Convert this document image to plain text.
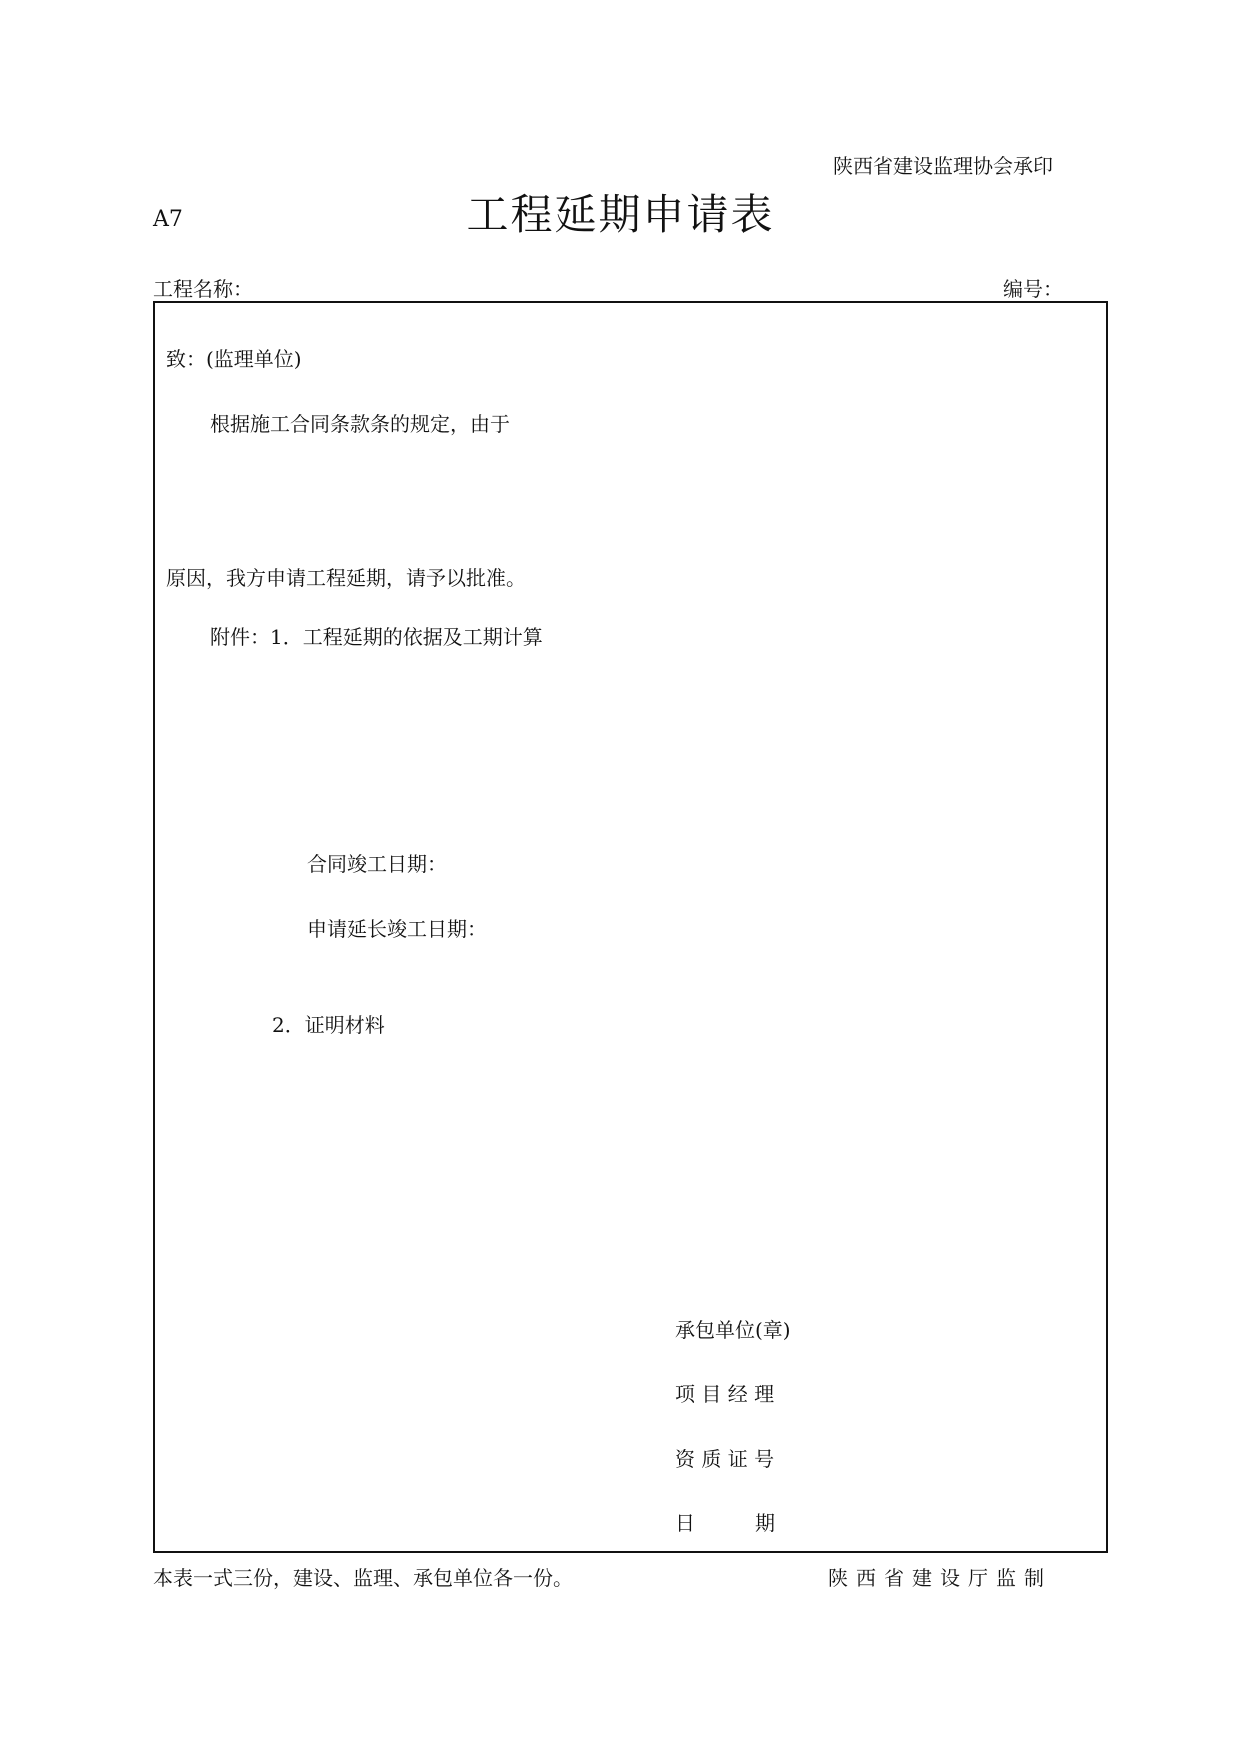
陕西省建设监理协会承印
A7	工程延期申请表
工程名称：	编号：
致：(监理单位)
根据施工合同条款条的规定，由于
原因，我方申请工程延期，请予以批准。
附件：1．工程延期的依据及工期计算
合同竣工日期：
申请延长竣工日期：
2．证明材料
承包单位(章)
项 目 经 理
资 质 证 号
日　　　期
本表一式三份，建设、监理、承包单位各一份。	陕西省建设厅监制
